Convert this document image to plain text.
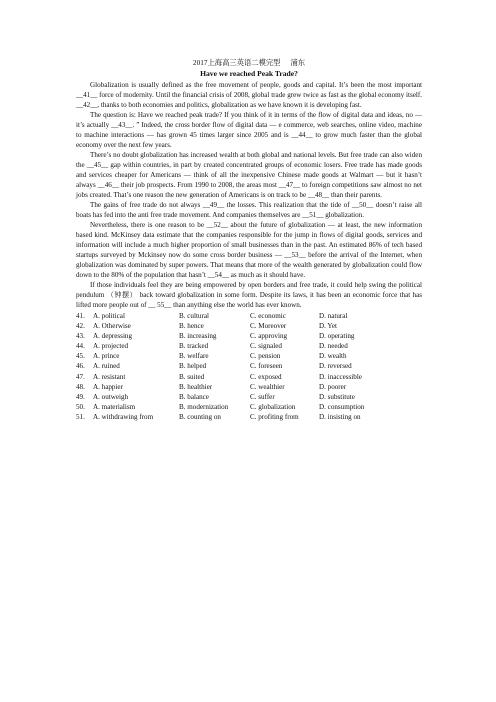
2017上海高三英语二模完型 浦东
Have we reached Peak Trade?

Globalization is usually defined as the free movement of people, goods and capital. It’s been the most important __41__ force of modernity. Until the financial crisis of 2008, global trade grew twice as fast as the global economy itself. __42__, thanks to both economies and politics, globalization as we have known it is developing fast.

The question is: Have we reached peak trade? If you think of it in terms of the flow of digital data and ideas, no — it’s actually __43__. ” Indeed, the cross border flow of digital data — e commerce, web searches, online video, machine to machine interactions — has grown 45 times larger since 2005 and is __44__ to grow much faster than the global economy over the next few years.

There’s no doubt globalization has increased wealth at both global and national levels. But free trade can also widen the __45__ gap within countries, in part by created concentrated groups of economic losers. Free trade has made goods and services cheaper for Americans — think of all the inexpensive Chinese made goods at Walmart — but it hasn’t always __46__ their job prospects. From 1990 to 2008, the areas most __47__ to foreign competitions saw almost no net jobs created. That’s one reason the new generation of Americans is on track to be __48__ than their parents.

The gains of free trade do not always __49__ the losses. This realization that the tide of __50__ doesn’t raise all boats has fed into the anti free trade movement. And companies themselves are __51__ globalization.

Nevertheless, there is one reason to be __52__ about the future of globalization — at least, the new information based kind. McKinsey data estimate that the companies responsible for the jump in flows of digital goods, services and information will include a much higher proportion of small businesses than in the past. An estimated 86% of tech based startups surveyed by Mckinsey now do some cross border business — __53__ before the arrival of the Internet, when globalization was dominated by super powers. That means that more of the wealth generated by globalization could flow down to the 80% of the population that hasn’t __54__ as much as it should have.

If those individuals feel they are being empowered by open borders and free trade, it could help swing the political pendulum （钟摆） back toward globalization in some form. Despite its laws, it has been an economic force that has lifted more people out of __ 55__ than anything else the world has ever known.

41.	A. political	B. cultural	C. economic	D. natural
42.	A. Otherwise	B. hence	C. Moreover	D. Yet
43.	A. depressing	B. increasing	C. approving	D. operating
44.	A. projected	B. tracked	C. signaled	D. needed
45.	A. prince	B. welfare	C. pension	D. wealth
46.	A. ruined	B. helped	C. foreseen	D. reversed
47.	A. resistant	B. suited	C. exposed	D. inaccessible
48.	A. happier	B. healthier	C. wealthier	D. poorer
49.	A. outweigh	B. balance	C. suffer	D. substitute
50.	A. materialism	B. modernization	C. globalization	D. consumption
51.	A. withdrawing from	B. counting on	C. profiting from	D. insisting on
